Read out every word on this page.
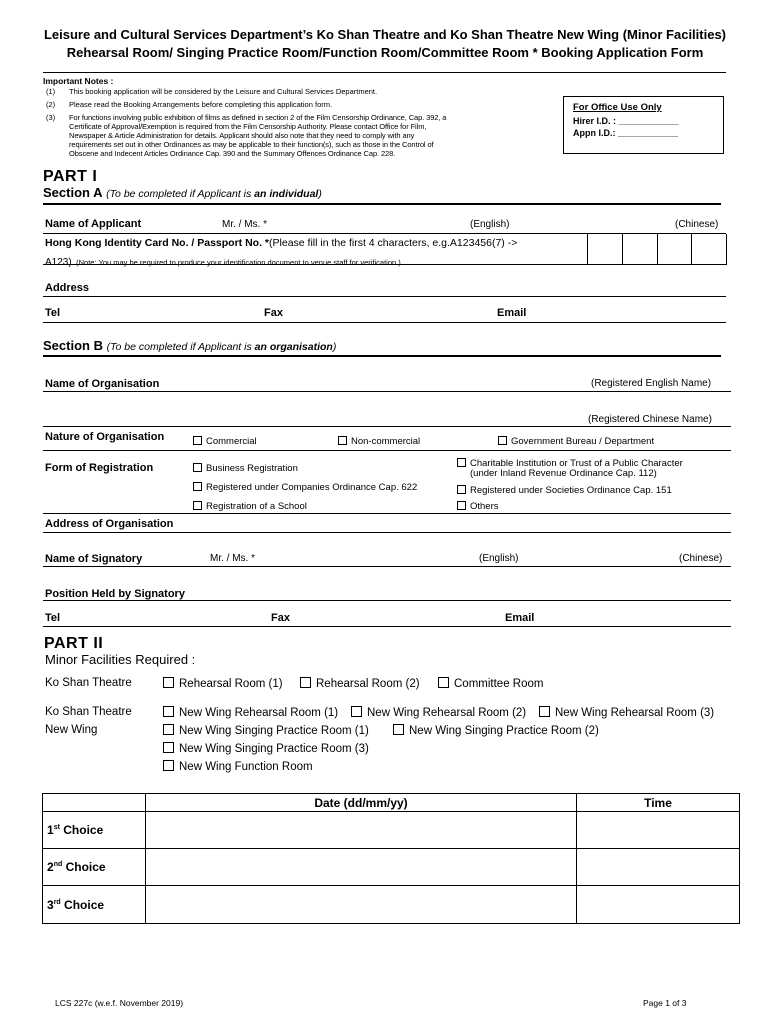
Leisure and Cultural Services Department’s Ko Shan Theatre and Ko Shan Theatre New Wing (Minor Facilities)
Rehearsal Room/ Singing Practice Room/Function Room/Committee Room * Booking Application Form
Important Notes :
(1) This booking application will be considered by the Leisure and Cultural Services Department.
(2) Please read the Booking Arrangements before completing this application form.
(3) For functions involving public exhibition of films as defined in section 2 of the Film Censorship Ordinance, Cap. 392, a
Certificate of Approval/Exemption is required from the Film Censorship Authority. Please contact Office for Film,
Newspaper & Article Administration for details. Applicant should also note that they need to comply with any
requirements set out in other Ordinances as may be applicable to their function(s), such as those in the Control of
Obscene and Indecent Articles Ordinance Cap. 390 and the Summary Offences Ordinance Cap. 228.
For Office Use Only
Hirer I.D. : ____________
Appn I.D.: ____________
PART I
Section A (To be completed if Applicant is an individual)
Name of Applicant	Mr. / Ms. *	(English)	(Chinese)
Hong Kong Identity Card No. / Passport No. *(Please fill in the first 4 characters, e.g.A123456(7) ->
A123) (Note: You may be required to produce your identification document to venue staff for verification.)
Address
Tel	Fax	Email
Section B (To be completed if Applicant is an organisation)
Name of Organisation	(Registered English Name)
(Registered Chinese Name)
Nature of Organisation	Commercial	Non-commercial	Government Bureau / Department
Form of Registration	Business Registration	Charitable Institution or Trust of a Public Character
(under Inland Revenue Ordinance Cap. 112)
Registered under Companies Ordinance Cap. 622	Registered under Societies Ordinance Cap. 151
Registration of a School	Others
Address of Organisation
Name of Signatory	Mr. / Ms. *	(English)	(Chinese)
Position Held by Signatory
Tel	Fax	Email
PART II
Minor Facilities Required :
Ko Shan Theatre	Rehearsal Room (1)	Rehearsal Room (2)	Committee Room
Ko Shan Theatre
New Wing
New Wing Rehearsal Room (1)	New Wing Rehearsal Room (2)	New Wing Rehearsal Room (3)
New Wing Singing Practice Room (1)	New Wing Singing Practice Room (2)
New Wing Singing Practice Room (3)
New Wing Function Room
	Date (dd/mm/yy)	Time
1st Choice		
2nd Choice		
3rd Choice		
LCS 227c (w.e.f. November 2019)	Page 1 of 3
